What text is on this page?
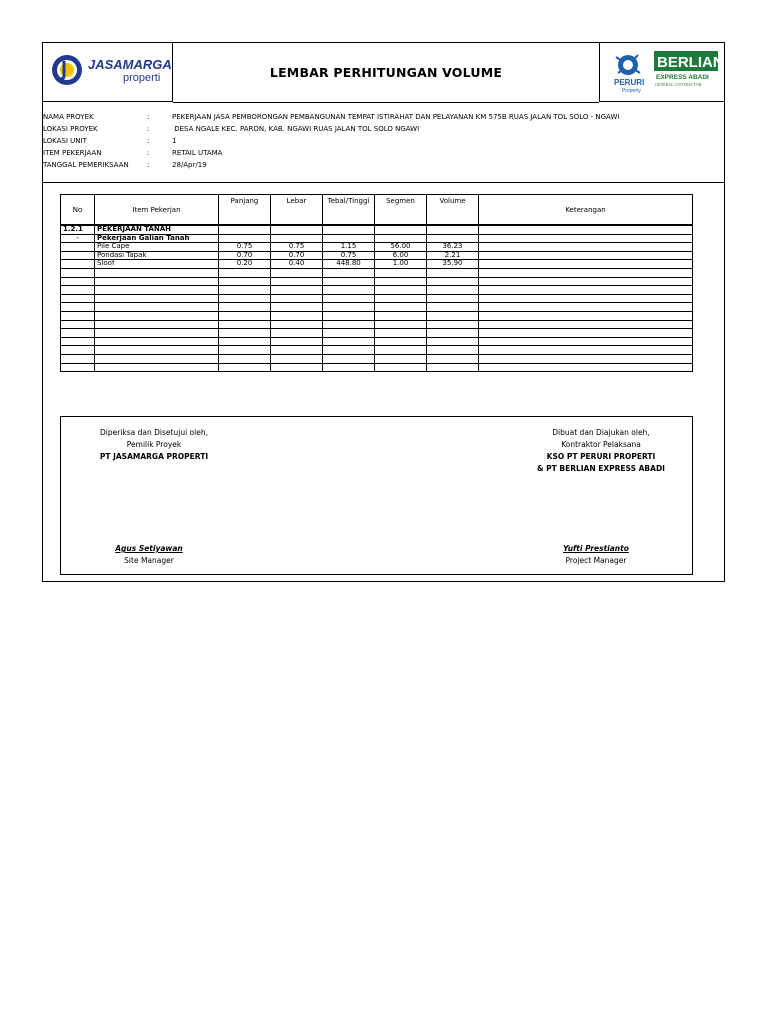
JASAMARGA
properti	LEMBAR PERHITUNGAN VOLUME
PERURI
Property
BERLIAN
EXPRESS ABADI
GENERAL CONTRACTOR
NAMA PROYEK	:	PEKERJAAN JASA PEMBORONGAN PEMBANGUNAN TEMPAT ISTIRAHAT DAN PELAYANAN KM 575B RUAS JALAN TOL SOLO - NGAWI
LOKASI PROYEK	:	DESA NGALE KEC. PARON, KAB. NGAWI RUAS JALAN TOL SOLO NGAWI
LOKASI UNIT	:	1
ITEM PEKERJAAN	:	RETAIL UTAMA
TANGGAL PEMERIKSAAN	:	28/Apr/19
No	Item Pekerjan	Panjang	Lebar	Tebal/Tinggi	Segmen	Volume	Keterangan
1.2.1	PEKERJAAN TANAH						
-	Pekerjaan Galian Tanah						
	Pile Cape	0.75	0.75	1.15	56.00	36.23	
	Pondasi Tapak	0.70	0.70	0.75	6.00	2.21	
	Sloof	0.20	0.40	448.80	1.00	35.90	

Diperiksa dan Disetujui oleh,
Pemilik Proyek
PT JASAMARGA PROPERTI
Agus Setiyawan
Site Manager
Dibuat dan Diajukan oleh,
Kontraktor Pelaksana
KSO PT PERURI PROPERTI
& PT BERLIAN EXPRESS ABADI
Yufti Prestianto
Project Manager
